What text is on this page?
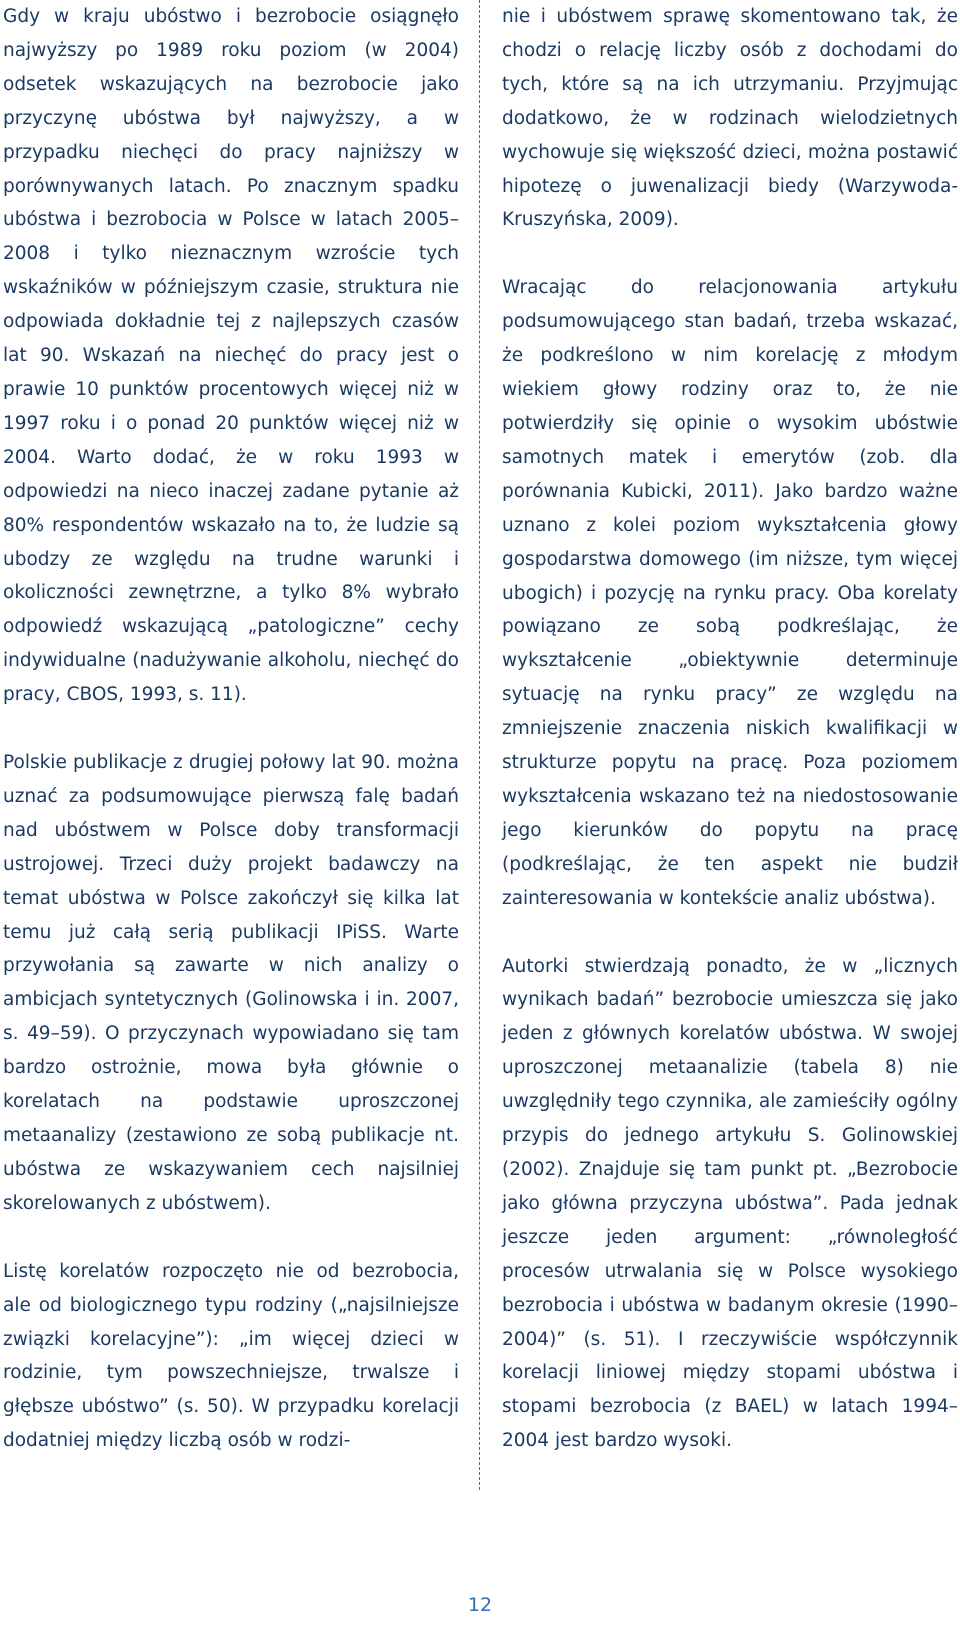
Gdy w kraju ubóstwo i bezrobocie osiągnęło najwyższy po 1989 roku poziom (w 2004) odsetek wskazujących na bezrobocie jako przyczynę ubóstwa był najwyższy, a w przypadku niechęci do pracy najniższy w porównywanych latach. Po znacznym spadku ubóstwa i bezrobocia w Polsce w latach 2005–2008 i tylko nieznacznym wzroście tych wskaźników w późniejszym czasie, struktura nie odpowiada dokładnie tej z najlepszych czasów lat 90. Wskazań na niechęć do pracy jest o prawie 10 punktów procentowych więcej niż w 1997 roku i o ponad 20 punktów więcej niż w 2004. Warto dodać, że w roku 1993 w odpowiedzi na nieco inaczej zadane pytanie aż 80% respondentów wskazało na to, że ludzie są ubodzy ze względu na trudne warunki i okoliczności zewnętrzne, a tylko 8% wybrało odpowiedź wskazującą „patologiczne” cechy indywidualne (nadużywanie alkoholu, niechęć do pracy, CBOS, 1993, s. 11).

Polskie publikacje z drugiej połowy lat 90. można uznać za podsumowujące pierwszą falę badań nad ubóstwem w Polsce doby transformacji ustrojowej. Trzeci duży projekt badawczy na temat ubóstwa w Polsce zakończył się kilka lat temu już całą serią publikacji IPiSS. Warte przywołania są zawarte w nich analizy o ambicjach syntetycznych (Golinowska i in. 2007, s. 49–59). O przyczynach wypowiadano się tam bardzo ostrożnie, mowa była głównie o korelatach na podstawie uproszczonej metaanalizy (zestawiono ze sobą publikacje nt. ubóstwa ze wskazywaniem cech najsilniej skorelowanych z ubóstwem).

Listę korelatów rozpoczęto nie od bezrobocia, ale od biologicznego typu rodziny („najsilniejsze związki korelacyjne”): „im więcej dzieci w rodzinie, tym powszechniejsze, trwalsze i głębsze ubóstwo” (s. 50). W przypadku korelacji dodatniej między liczbą osób w rodzi-

nie i ubóstwem sprawę skomentowano tak, że chodzi o relację liczby osób z dochodami do tych, które są na ich utrzymaniu. Przyjmując dodatkowo, że w rodzinach wielodzietnych wychowuje się większość dzieci, można postawić hipotezę o juwenalizacji biedy (Warzywoda-Kruszyńska, 2009).

Wracając do relacjonowania artykułu podsumowującego stan badań, trzeba wskazać, że podkreślono w nim korelację z młodym wiekiem głowy rodziny oraz to, że nie potwierdziły się opinie o wysokim ubóstwie samotnych matek i emerytów (zob. dla porównania Kubicki, 2011). Jako bardzo ważne uznano z kolei poziom wykształcenia głowy gospodarstwa domowego (im niższe, tym więcej ubogich) i pozycję na rynku pracy. Oba korelaty powiązano ze sobą podkreślając, że wykształcenie „obiektywnie determinuje sytuację na rynku pracy” ze względu na zmniejszenie znaczenia niskich kwalifikacji w strukturze popytu na pracę. Poza poziomem wykształcenia wskazano też na niedostosowanie jego kierunków do popytu na pracę (podkreślając, że ten aspekt nie budził zainteresowania w kontekście analiz ubóstwa).

Autorki stwierdzają ponadto, że w „licznych wynikach badań” bezrobocie umieszcza się jako jeden z głównych korelatów ubóstwa. W swojej uproszczonej metaanalizie (tabela 8) nie uwzględniły tego czynnika, ale zamieściły ogólny przypis do jednego artykułu S. Golinowskiej (2002). Znajduje się tam punkt pt. „Bezrobocie jako główna przyczyna ubóstwa”. Pada jednak jeszcze jeden argument: „równoległość procesów utrwalania się w Polsce wysokiego bezrobocia i ubóstwa w badanym okresie (1990–2004)” (s. 51). I rzeczywiście współczynnik korelacji liniowej między stopami ubóstwa i stopami bezrobocia (z BAEL) w latach 1994–2004 jest bardzo wysoki.

12
